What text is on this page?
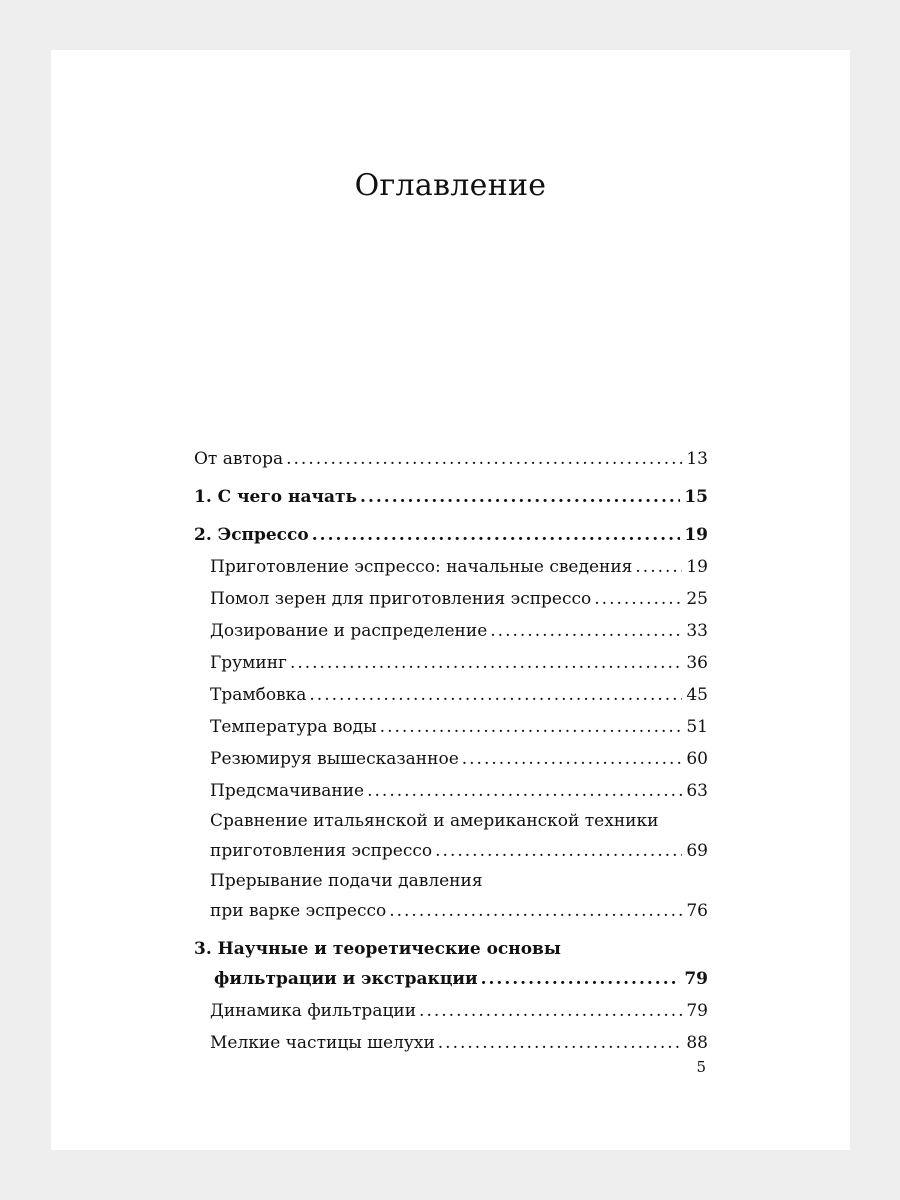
Оглавление
От автора .....	13
1. С чего начать .....	15
2. Эспрессо .....	19
Приготовление эспрессо: начальные сведения .....	19
Помол зерен для приготовления эспрессо .....	25
Дозирование и распределение .....	33
Груминг .....	36
Трамбовка .....	45
Температура воды .....	51
Резюмируя вышесказанное .....	60
Предсмачивание .....	63
Сравнение итальянской и американской техники
приготовления эспрессо .....	69
Прерывание подачи давления
при варке эспрессо .....	76
3. Научные и теоретические основы
фильтрации и экстракции .....	79
Динамика фильтрации .....	79
Мелкие частицы шелухи .....	88
5
